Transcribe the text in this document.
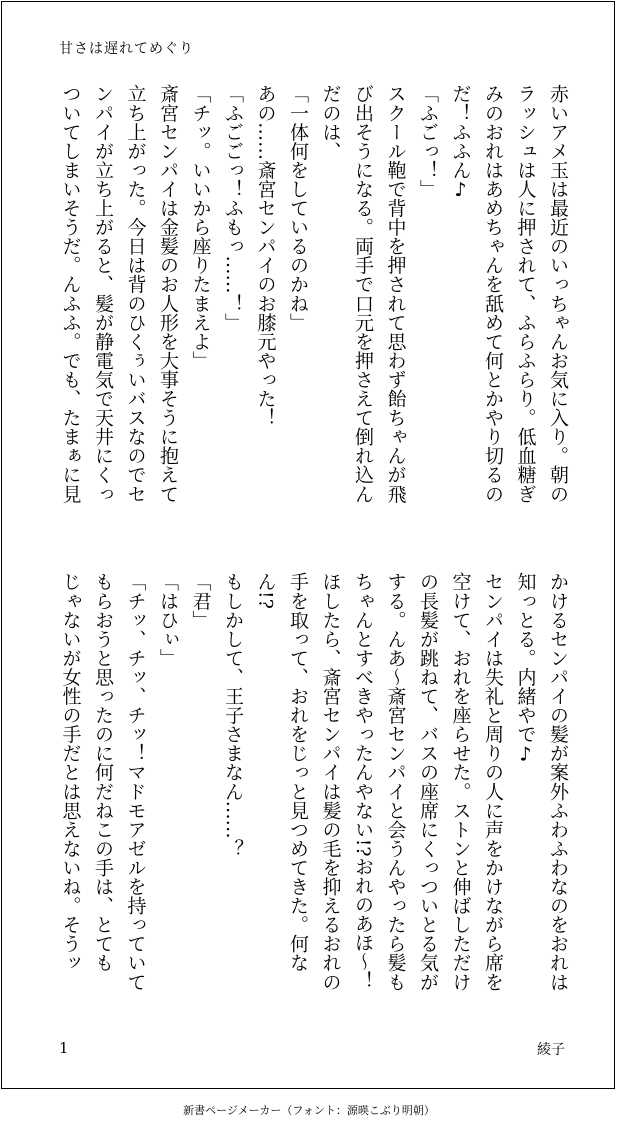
甘さは遅れてめぐり
赤いアメ玉は最近のいっちゃんお気に入り。朝の
ラッシュは人に押されて、ふらふらり。低血糖ぎ
みのおれはあめちゃんを舐めて何とかやり切るの
だ！ふふん♪
「ふごっ！」
スクール鞄で背中を押されて思わず飴ちゃんが飛
び出そうになる。両手で口元を押さえて倒れ込ん
だのは、
「一体何をしているのかね」
あの……斎宮センパイのお膝元やった！
「ふごごっ！ふもっ……！」
「チッ。いいから座りたまえよ」
斎宮センパイは金髪のお人形を大事そうに抱えて
立ち上がった。今日は背のひくぅいバスなのでセ
ンパイが立ち上がると、髪が静電気で天井にくっ
ついてしまいそうだ。んふふ。でも、たまぁに見
かけるセンパイの髪が案外ふわふわなのをおれは
知っとる。内緒やで♪
センパイは失礼と周りの人に声をかけながら席を
空けて、おれを座らせた。ストンと伸ばしただけ
の長髪が跳ねて、バスの座席にくっついとる気が
する。んあ～斎宮センパイと会うんやったら髪も
ちゃんとすべきやったんやない!?おれのあほ～！
ほしたら、斎宮センパイは髪の毛を抑えるおれの
手を取って、おれをじっと見つめてきた。何な
ん!?
もしかして、王子さまなん……？
「君」
「はひぃ」
「チッ、チッ、チッ！マドモアゼルを持っていて
もらおうと思ったのに何だねこの手は、とても
じゃないが女性の手だとは思えないね。そうッ
1	綾子
新書ページメーカー（フォント：源暎こぶり明朝）
